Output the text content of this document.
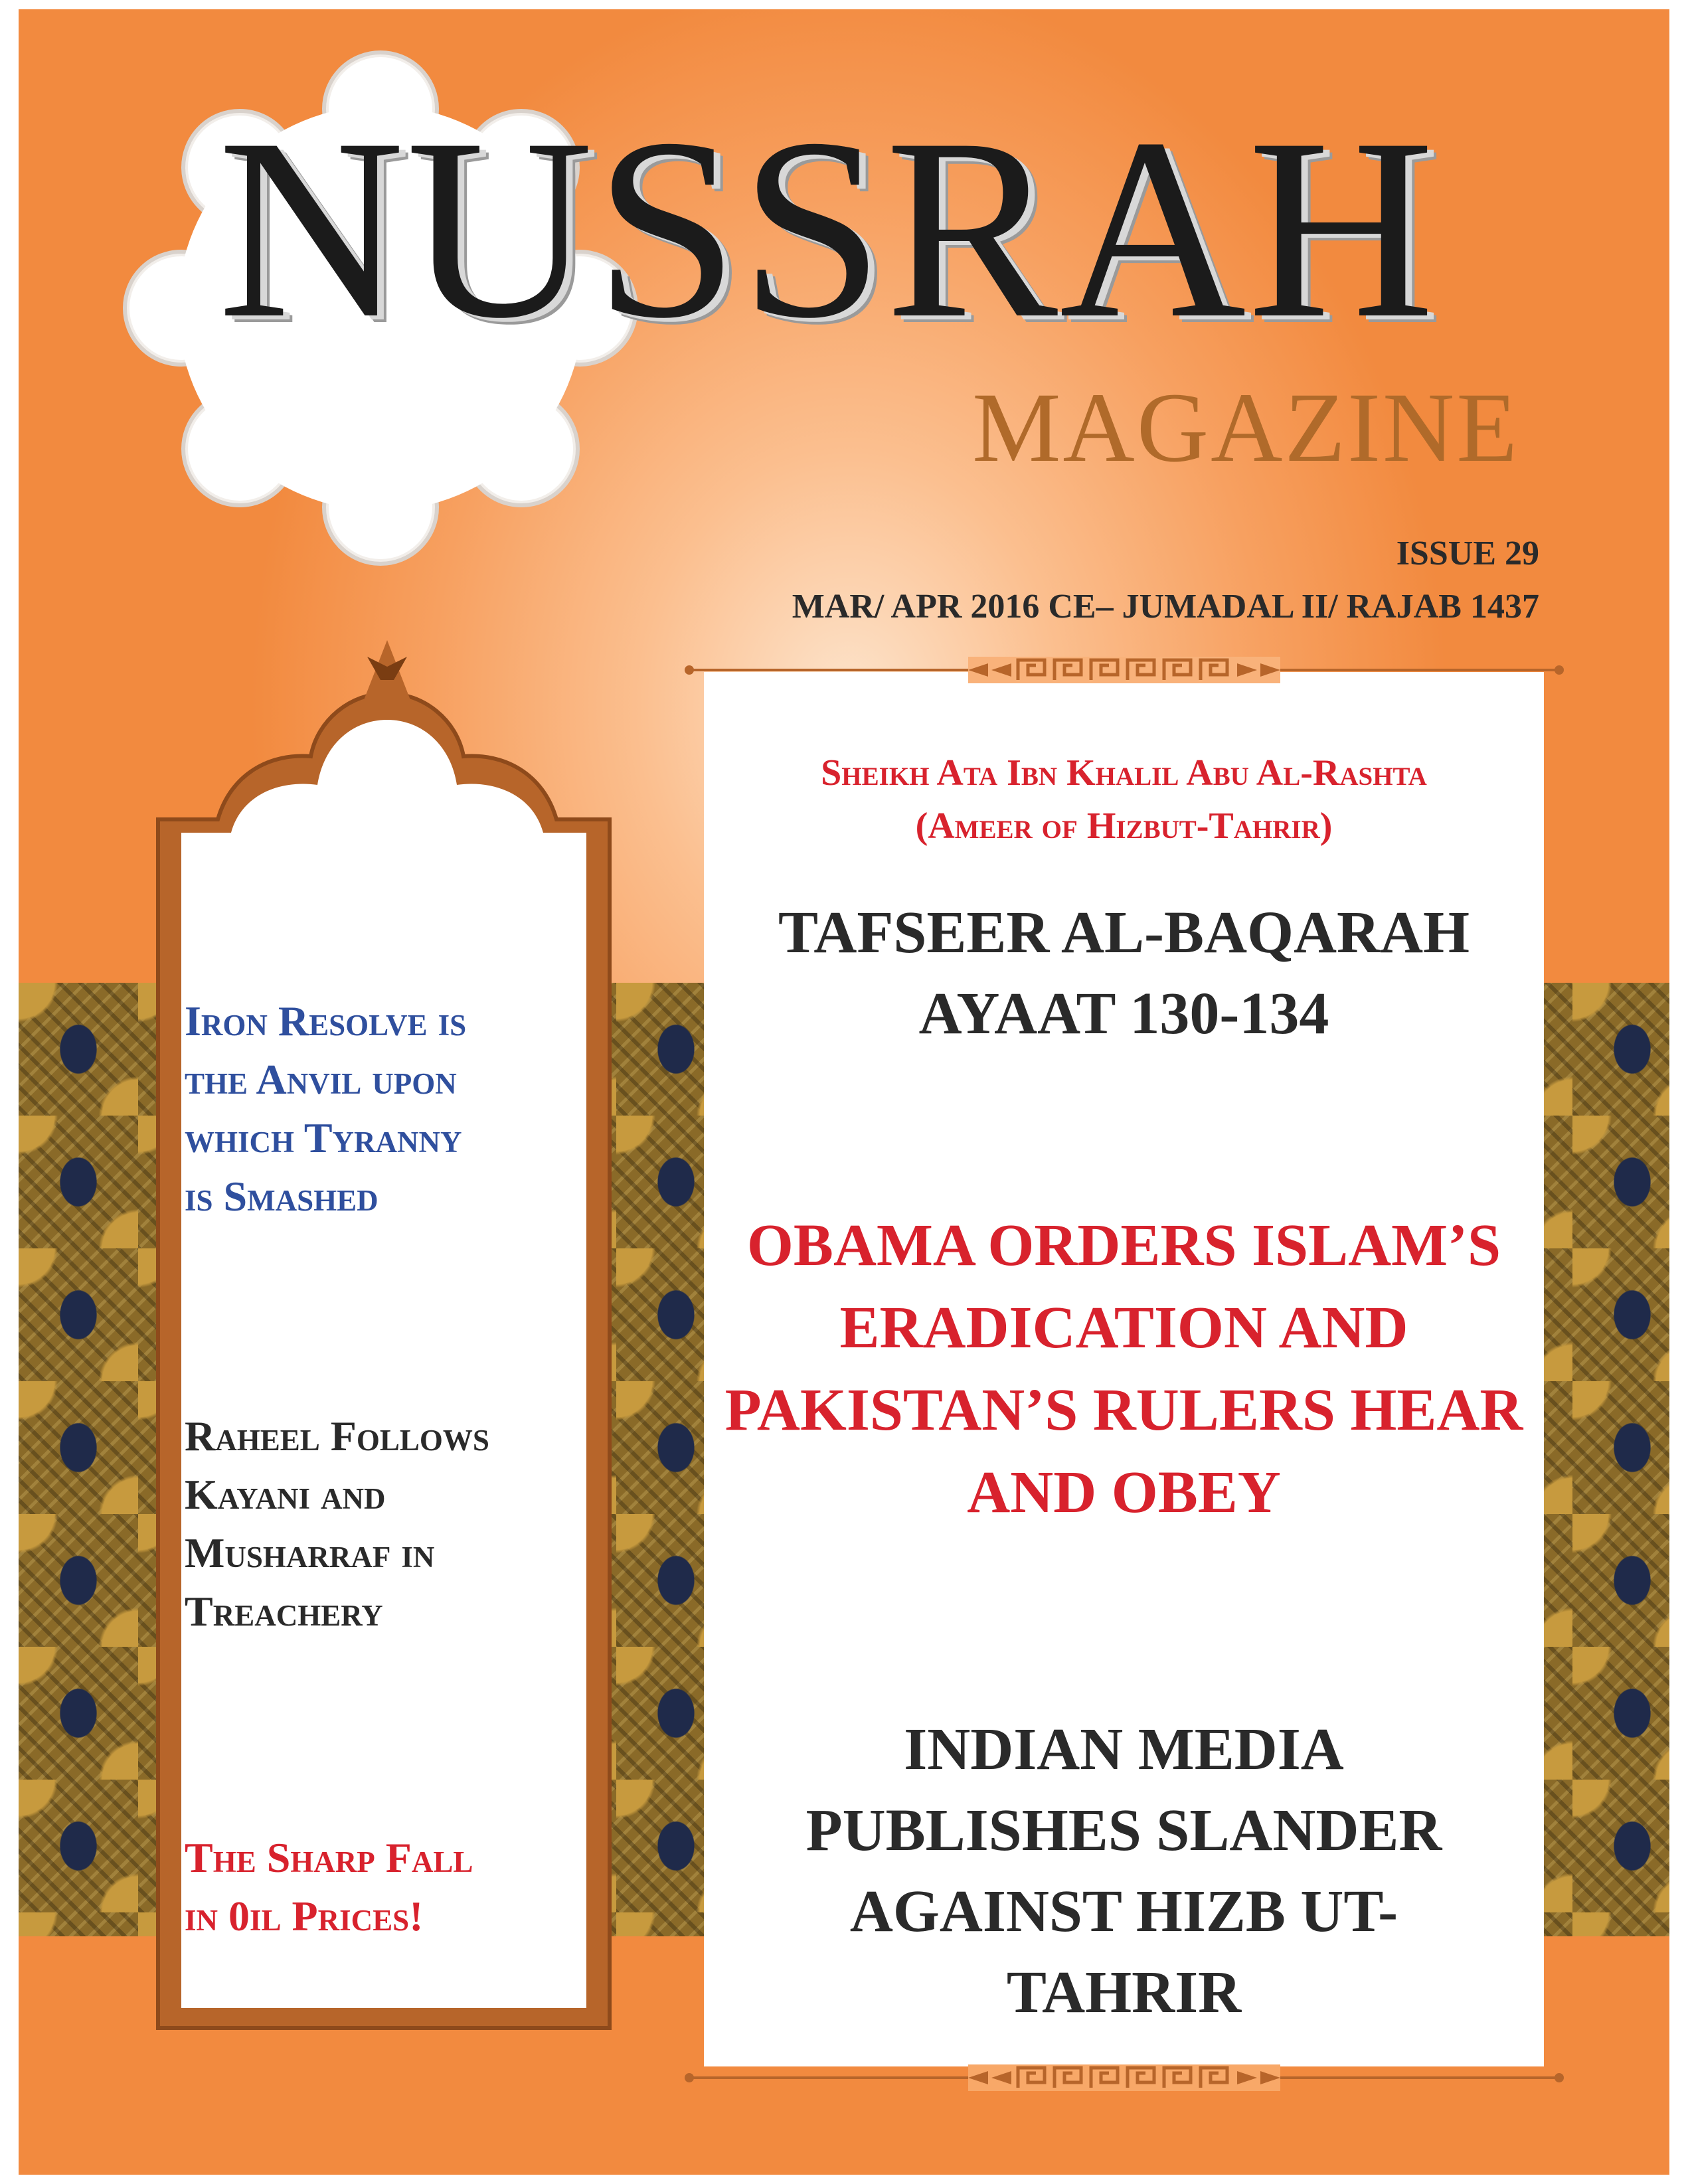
NUSSRAH
MAGAZINE
ISSUE 29
MAR/ APR 2016 CE– JUMADAL II/ RAJAB 1437
Iron Resolve is
the Anvil upon
which Tyranny
is Smashed
Raheel Follows
Kayani and
Musharraf in
Treachery
The Sharp Fall
in 0il Prices!
Sheikh Ata Ibn Khalil Abu Al-Rashta
(Ameer of Hizbut-Tahrir)
TAFSEER AL-BAQARAH
AYAAT 130-134
OBAMA ORDERS ISLAM’S
ERADICATION AND
PAKISTAN’S RULERS HEAR
AND OBEY
INDIAN MEDIA
PUBLISHES SLANDER
AGAINST HIZB UT-
TAHRIR
